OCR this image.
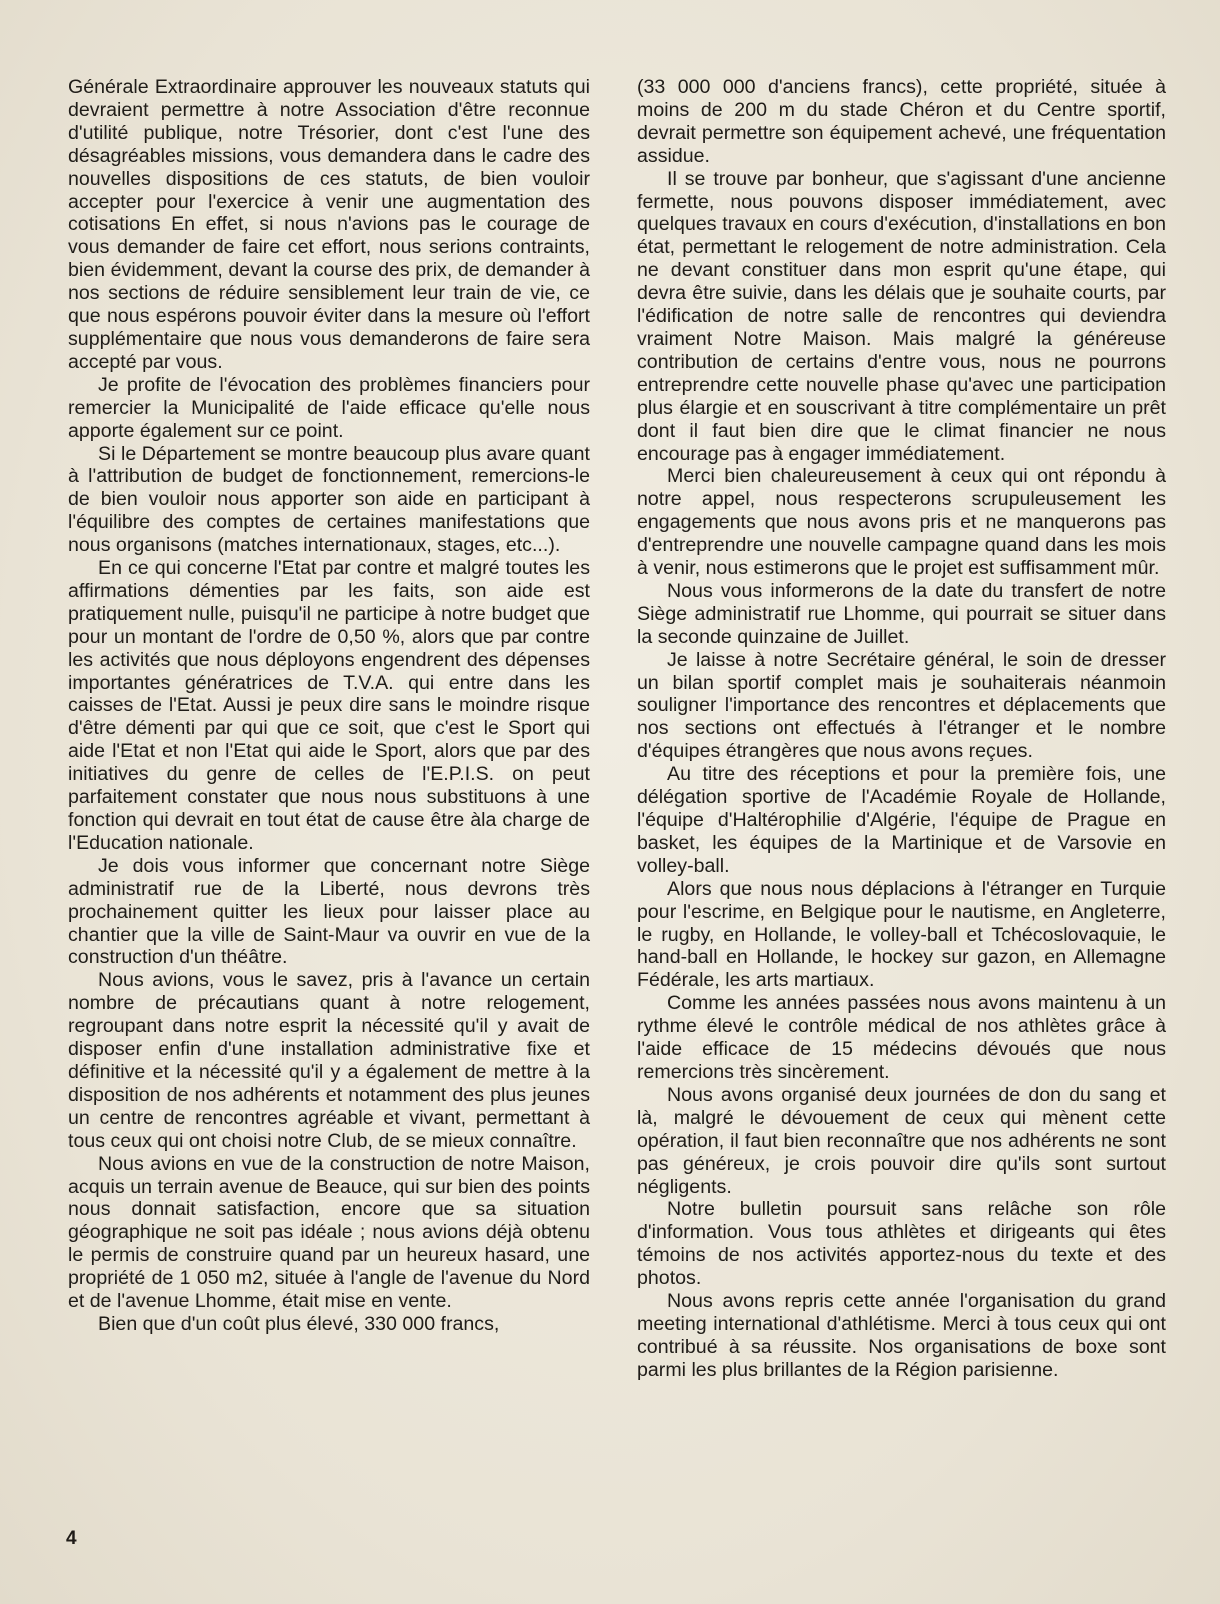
Générale Extraordinaire approuver les nouveaux statuts qui devraient permettre à notre Association d'être reconnue d'utilité publique, notre Trésorier, dont c'est l'une des désagréables missions, vous demandera dans le cadre des nouvelles dispositions de ces statuts, de bien vouloir accepter pour l'exercice à venir une augmentation des cotisations En effet, si nous n'avions pas le courage de vous demander de faire cet effort, nous serions contraints, bien évidemment, devant la course des prix, de demander à nos sections de réduire sensiblement leur train de vie, ce que nous espérons pouvoir éviter dans la mesure où l'effort supplémentaire que nous vous demanderons de faire sera accepté par vous.

Je profite de l'évocation des problèmes financiers pour remercier la Municipalité de l'aide efficace qu'elle nous apporte également sur ce point.

Si le Département se montre beaucoup plus avare quant à l'attribution de budget de fonctionnement, remercions-le de bien vouloir nous apporter son aide en participant à l'équilibre des comptes de certaines manifestations que nous organisons (matches internationaux, stages, etc...).

En ce qui concerne l'Etat par contre et malgré toutes les affirmations démenties par les faits, son aide est pratiquement nulle, puisqu'il ne participe à notre budget que pour un montant de l'ordre de 0,50 %, alors que par contre les activités que nous déployons engendrent des dépenses importantes génératrices de T.V.A. qui entre dans les caisses de l'Etat. Aussi je peux dire sans le moindre risque d'être démenti par qui que ce soit, que c'est le Sport qui aide l'Etat et non l'Etat qui aide le Sport, alors que par des initiatives du genre de celles de l'E.P.I.S. on peut parfaitement constater que nous nous substituons à une fonction qui devrait en tout état de cause être àla charge de l'Education nationale.

Je dois vous informer que concernant notre Siège administratif rue de la Liberté, nous devrons très prochainement quitter les lieux pour laisser place au chantier que la ville de Saint-Maur va ouvrir en vue de la construction d'un théâtre.

Nous avions, vous le savez, pris à l'avance un certain nombre de précautians quant à notre relogement, regroupant dans notre esprit la nécessité qu'il y avait de disposer enfin d'une installation administrative fixe et définitive et la nécessité qu'il y a également de mettre à la disposition de nos adhérents et notamment des plus jeunes un centre de rencontres agréable et vivant, permettant à tous ceux qui ont choisi notre Club, de se mieux connaître.

Nous avions en vue de la construction de notre Maison, acquis un terrain avenue de Beauce, qui sur bien des points nous donnait satisfaction, encore que sa situation géographique ne soit pas idéale ; nous avions déjà obtenu le permis de construire quand par un heureux hasard, une propriété de 1 050 m2, située à l'angle de l'avenue du Nord et de l'avenue Lhomme, était mise en vente.

Bien que d'un coût plus élevé, 330 000 francs,

(33 000 000 d'anciens francs), cette propriété, située à moins de 200 m du stade Chéron et du Centre sportif, devrait permettre son équipement achevé, une fréquentation assidue.

Il se trouve par bonheur, que s'agissant d'une ancienne fermette, nous pouvons disposer immédiatement, avec quelques travaux en cours d'exécution, d'installations en bon état, permettant le relogement de notre administration. Cela ne devant constituer dans mon esprit qu'une étape, qui devra être suivie, dans les délais que je souhaite courts, par l'édification de notre salle de rencontres qui deviendra vraiment Notre Maison. Mais malgré la généreuse contribution de certains d'entre vous, nous ne pourrons entreprendre cette nouvelle phase qu'avec une participation plus élargie et en souscrivant à titre complémentaire un prêt dont il faut bien dire que le climat financier ne nous encourage pas à engager immédiatement.

Merci bien chaleureusement à ceux qui ont répondu à notre appel, nous respecterons scrupuleusement les engagements que nous avons pris et ne manquerons pas d'entreprendre une nouvelle campagne quand dans les mois à venir, nous estimerons que le projet est suffisamment mûr.

Nous vous informerons de la date du transfert de notre Siège administratif rue Lhomme, qui pourrait se situer dans la seconde quinzaine de Juillet.

Je laisse à notre Secrétaire général, le soin de dresser un bilan sportif complet mais je souhaiterais néanmoin souligner l'importance des rencontres et déplacements que nos sections ont effectués à l'étranger et le nombre d'équipes étrangères que nous avons reçues.

Au titre des réceptions et pour la première fois, une délégation sportive de l'Académie Royale de Hollande, l'équipe d'Haltérophilie d'Algérie, l'équipe de Prague en basket, les équipes de la Martinique et de Varsovie en volley-ball.

Alors que nous nous déplacions à l'étranger en Turquie pour l'escrime, en Belgique pour le nautisme, en Angleterre, le rugby, en Hollande, le volley-ball et Tchécoslovaquie, le hand-ball en Hollande, le hockey sur gazon, en Allemagne Fédérale, les arts martiaux.

Comme les années passées nous avons maintenu à un rythme élevé le contrôle médical de nos athlètes grâce à l'aide efficace de 15 médecins dévoués que nous remercions très sincèrement.

Nous avons organisé deux journées de don du sang et là, malgré le dévouement de ceux qui mènent cette opération, il faut bien reconnaître que nos adhérents ne sont pas généreux, je crois pouvoir dire qu'ils sont surtout négligents.

Notre bulletin poursuit sans relâche son rôle d'information. Vous tous athlètes et dirigeants qui êtes témoins de nos activités apportez-nous du texte et des photos.

Nous avons repris cette année l'organisation du grand meeting international d'athlétisme. Merci à tous ceux qui ont contribué à sa réussite. Nos organisations de boxe sont parmi les plus brillantes de la Région parisienne.

4
